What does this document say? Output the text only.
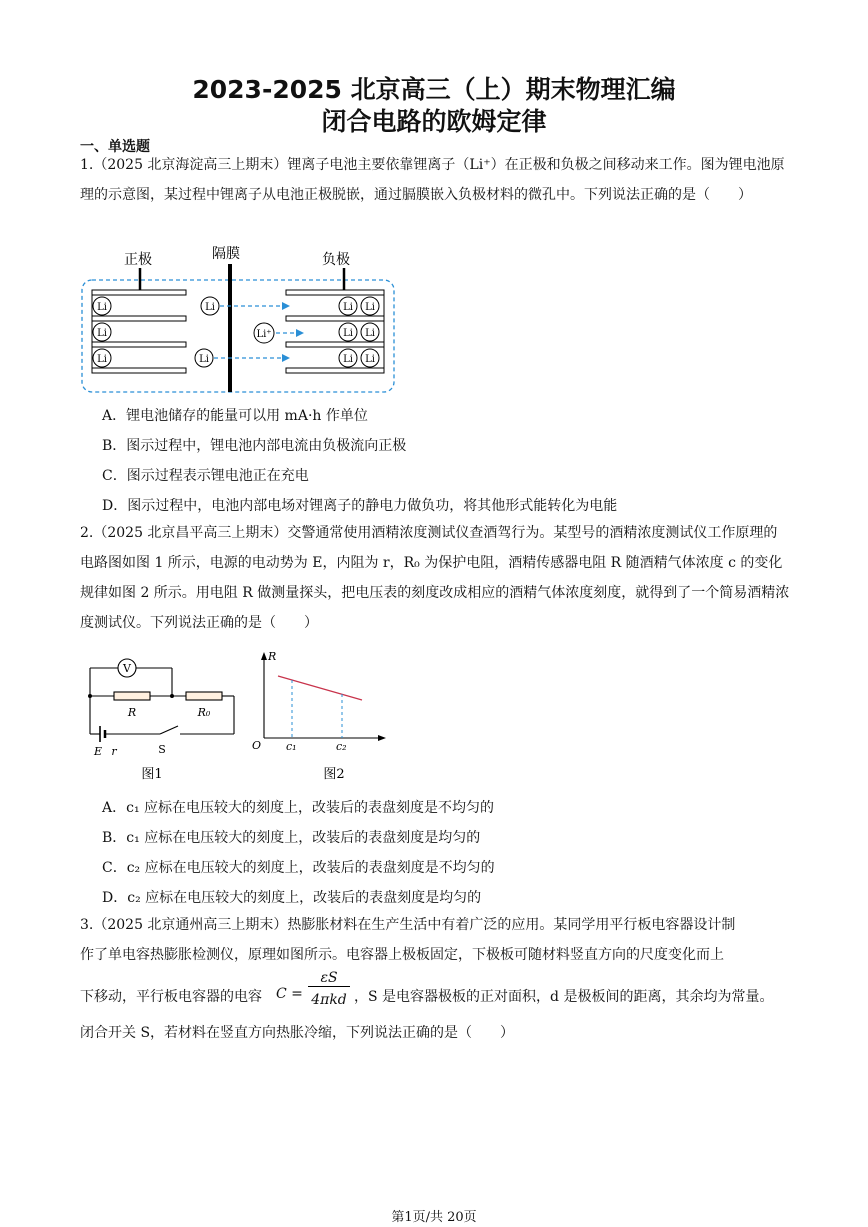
2023-2025 北京高三（上）期末物理汇编
闭合电路的欧姆定律
一、单选题
1.（2025 北京海淀高三上期末）锂离子电池主要依靠锂离子（Li⁺）在正极和负极之间移动来工作。图为锂电池原理的示意图，某过程中锂离子从电池正极脱嵌，通过膈膜嵌入负极材料的微孔中。下列说法正确的是（　　）
正极	隔膜	负极
Li
Li
Li
Li
Li
Li⁺
Li Li
Li Li
Li Li
A．锂电池储存的能量可以用 mA·h 作单位
B．图示过程中，锂电池内部电流由负极流向正极
C．图示过程表示锂电池正在充电
D．图示过程中，电池内部电场对锂离子的静电力做负功，将其他形式能转化为电能
2.（2025 北京昌平高三上期末）交警通常使用酒精浓度测试仪查酒驾行为。某型号的酒精浓度测试仪工作原理的电路图如图 1 所示，电源的电动势为 E，内阻为 r，R₀ 为保护电阻，酒精传感器电阻 R 随酒精气体浓度 c 的变化规律如图 2 所示。用电阻 R 做测量探头，把电压表的刻度改成相应的酒精气体浓度刻度，就得到了一个简易酒精浓度测试仪。下列说法正确的是（　　）
V
R	R₀
E r	S
图1
R
O c₁	c₂
图2
A．c₁ 应标在电压较大的刻度上，改装后的表盘刻度是不均匀的
B．c₁ 应标在电压较大的刻度上，改装后的表盘刻度是均匀的
C．c₂ 应标在电压较大的刻度上，改装后的表盘刻度是不均匀的
D．c₂ 应标在电压较大的刻度上，改装后的表盘刻度是均匀的
3.（2025 北京通州高三上期末）热膨胀材料在生产生活中有着广泛的应用。某同学用平行板电容器设计制
作了单电容热膨胀检测仪，原理如图所示。电容器上极板固定，下极板可随材料竖直方向的尺度变化而上
下移动，平行板电容器的电容 C =
εS
4πkd ，S 是电容器极板的正对面积，d 是极板间的距离，其余均为常量。
闭合开关 S，若材料在竖直方向热胀冷缩，下列说法正确的是（　　）
第1页/共 20页
